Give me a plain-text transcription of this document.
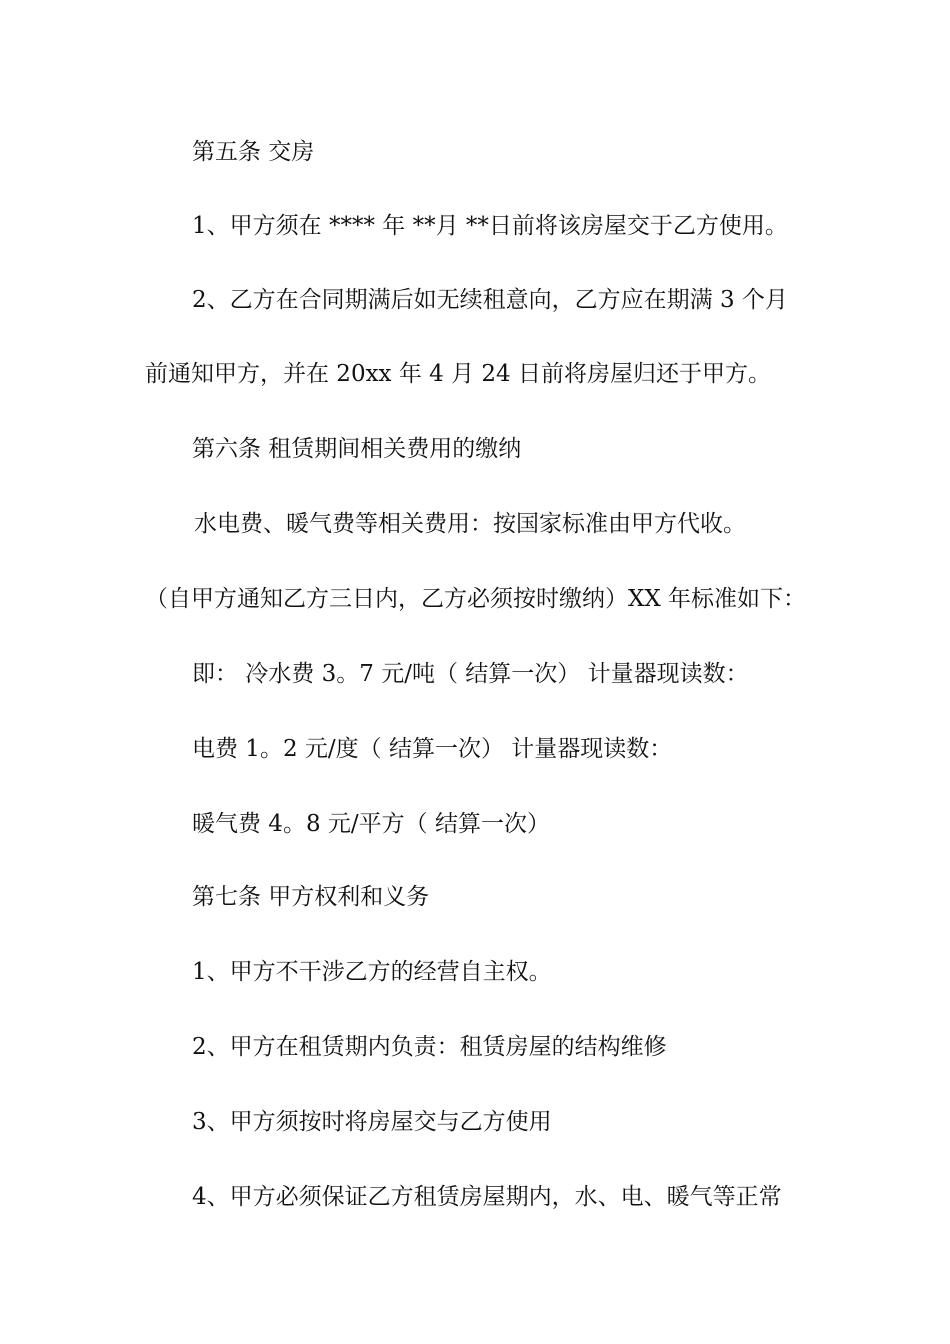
第五条 交房
1、甲方须在 **** 年 **月 **日前将该房屋交于乙方使用。
2、乙方在合同期满后如无续租意向，乙方应在期满 3 个月
前通知甲方，并在 20xx 年 4 月 24 日前将房屋归还于甲方。
第六条 租赁期间相关费用的缴纳
水电费、暖气费等相关费用：按国家标准由甲方代收。
（自甲方通知乙方三日内，乙方必须按时缴纳）XX 年标准如下：
即： 冷水费 3。7 元/吨（ 结算一次） 计量器现读数：
电费 1。2 元/度（ 结算一次） 计量器现读数：
暖气费 4。8 元/平方（ 结算一次）
第七条 甲方权利和义务
1、甲方不干涉乙方的经营自主权。
2、甲方在租赁期内负责：租赁房屋的结构维修
3、甲方须按时将房屋交与乙方使用
4、甲方必须保证乙方租赁房屋期内，水、电、暖气等正常
